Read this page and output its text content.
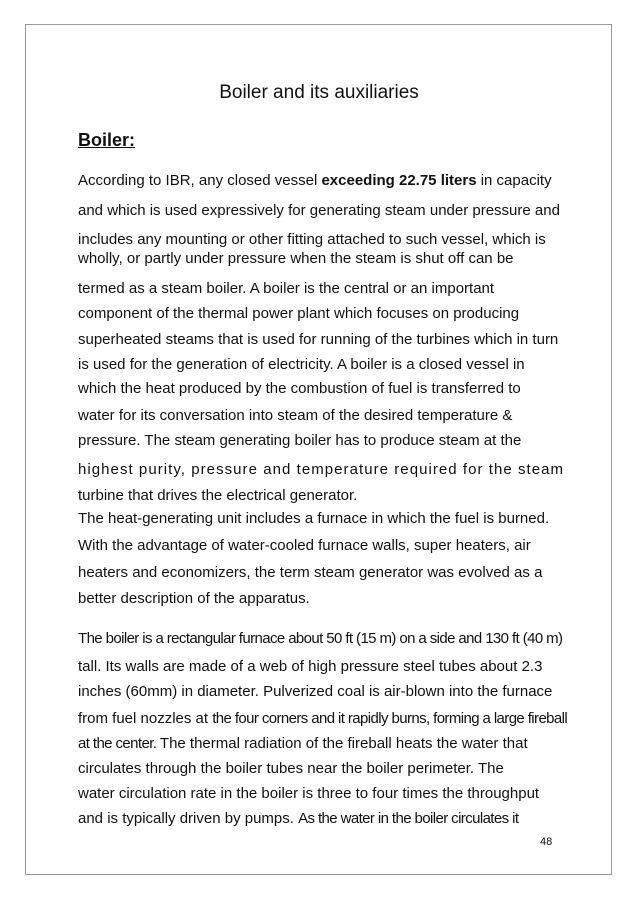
Boiler and its auxiliaries
Boiler:
According to IBR, any closed vessel exceeding 22.75 liters in capacity
and which is used expressively for generating steam under pressure and
includes any mounting or other fitting attached to such vessel, which is
wholly, or partly under pressure when the steam is shut off can be
termed as a steam boiler. A boiler is the central or an important
component of the thermal power plant which focuses on producing
superheated steams that is used for running of the turbines which in turn
is used for the generation of electricity. A boiler is a closed vessel in
which the heat produced by the combustion of fuel is transferred to
water for its conversation into steam of the desired temperature &
pressure. The steam generating boiler has to produce steam at the
highest purity, pressure and temperature required for the steam
turbine that drives the electrical generator.
The heat-generating unit includes a furnace in which the fuel is burned.
With the advantage of water-cooled furnace walls, super heaters, air
heaters and economizers, the term steam generator was evolved as a
better description of the apparatus.
The boiler is a rectangular furnace about 50 ft (15 m) on a side and 130 ft (40 m)
tall. Its walls are made of a web of high pressure steel tubes about 2.3
inches (60mm) in diameter. Pulverized coal is air-blown into the furnace
from fuel nozzles at the four corners and it rapidly burns, forming a large fireball
at the center. The thermal radiation of the fireball heats the water that
circulates through the boiler tubes near the boiler perimeter. The
water circulation rate in the boiler is three to four times the throughput
and is typically driven by pumps. As the water in the boiler circulates it
48
